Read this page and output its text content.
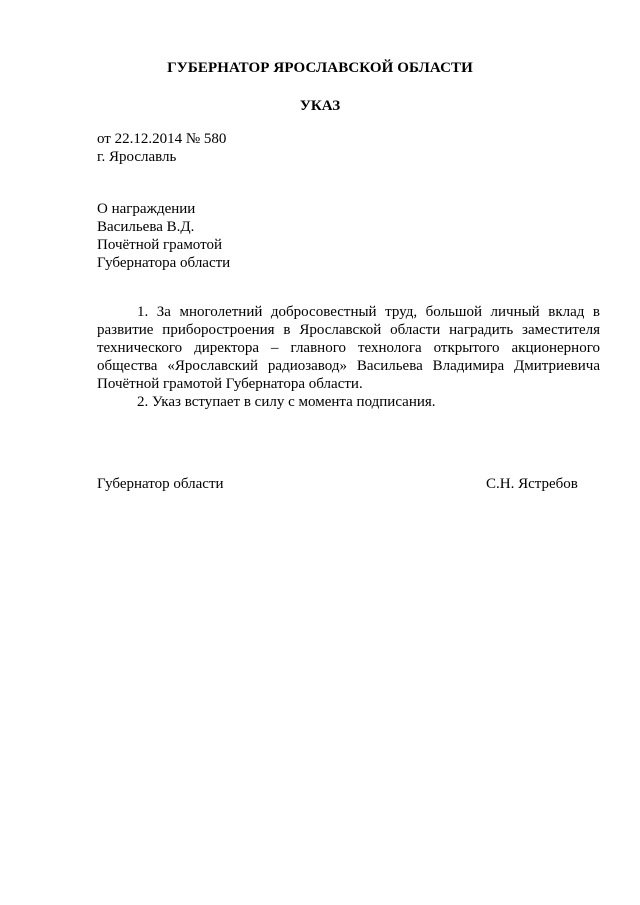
ГУБЕРНАТОР ЯРОСЛАВСКОЙ ОБЛАСТИ
УКАЗ
от 22.12.2014 № 580
г. Ярославль
О награждении
Васильева В.Д.
Почётной грамотой
Губернатора области

1. За многолетний добросовестный труд, большой личный вклад в развитие приборостроения в Ярославской области наградить заместителя технического директора – главного технолога открытого акционерного общества «Ярославский радиозавод» Васильева Владимира Дмитриевича Почётной грамотой Губернатора области.

2. Указ вступает в силу с момента подписания.

Губернатор области	С.Н. Ястребов
